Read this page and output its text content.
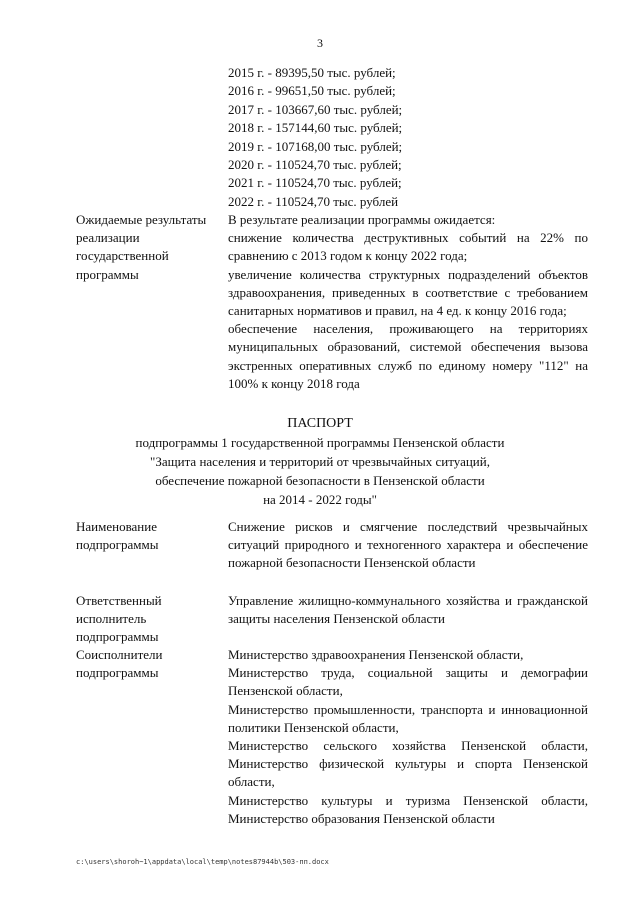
3
2015 г. - 89395,50 тыс. рублей;
2016 г. - 99651,50 тыс. рублей;
2017 г. - 103667,60 тыс. рублей;
2018 г. - 157144,60 тыс. рублей;
2019 г. - 107168,00 тыс. рублей;
2020 г. - 110524,70 тыс. рублей;
2021 г. - 110524,70 тыс. рублей;
2022 г. - 110524,70 тыс. рублей
Ожидаемые результаты реализации государственной программы

В результате реализации программы ожидается:

снижение количества деструктивных событий на 22% по сравнению с 2013 годом к концу 2022 года;

увеличение количества структурных подразделений объектов здравоохранения, приведенных в соответствие с требованием санитарных нормативов и правил, на 4 ед. к концу 2016 года;

обеспечение населения, проживающего на территориях муниципальных образований, системой обеспечения вызова экстренных оперативных служб по единому номеру "112" на 100% к концу 2018 года

ПАСПОРТ
подпрограммы 1 государственной программы Пензенской области
"Защита населения и территорий от чрезвычайных ситуаций,
обеспечение пожарной безопасности в Пензенской области
на 2014 - 2022 годы"
Наименование подпрограммы
Снижение рисков и смягчение последствий чрезвычайных ситуаций природного и техногенного характера и обеспечение пожарной безопасности Пензенской области
Ответственный исполнитель подпрограммы
Управление жилищно-коммунального хозяйства и гражданской защиты населения Пензенской области
Соисполнители подпрограммы

Министерство здравоохранения Пензенской области,

Министерство труда, социальной защиты и демографии Пензенской области,

Министерство промышленности, транспорта и инновационной политики Пензенской области,

Министерство сельского хозяйства Пензенской области, Министерство физической культуры и спорта Пензенской области,

Министерство культуры и туризма Пензенской области, Министерство образования Пензенской области

c:\users\shoroh~1\appdata\local\temp\notes87944b\503-пп.docx
